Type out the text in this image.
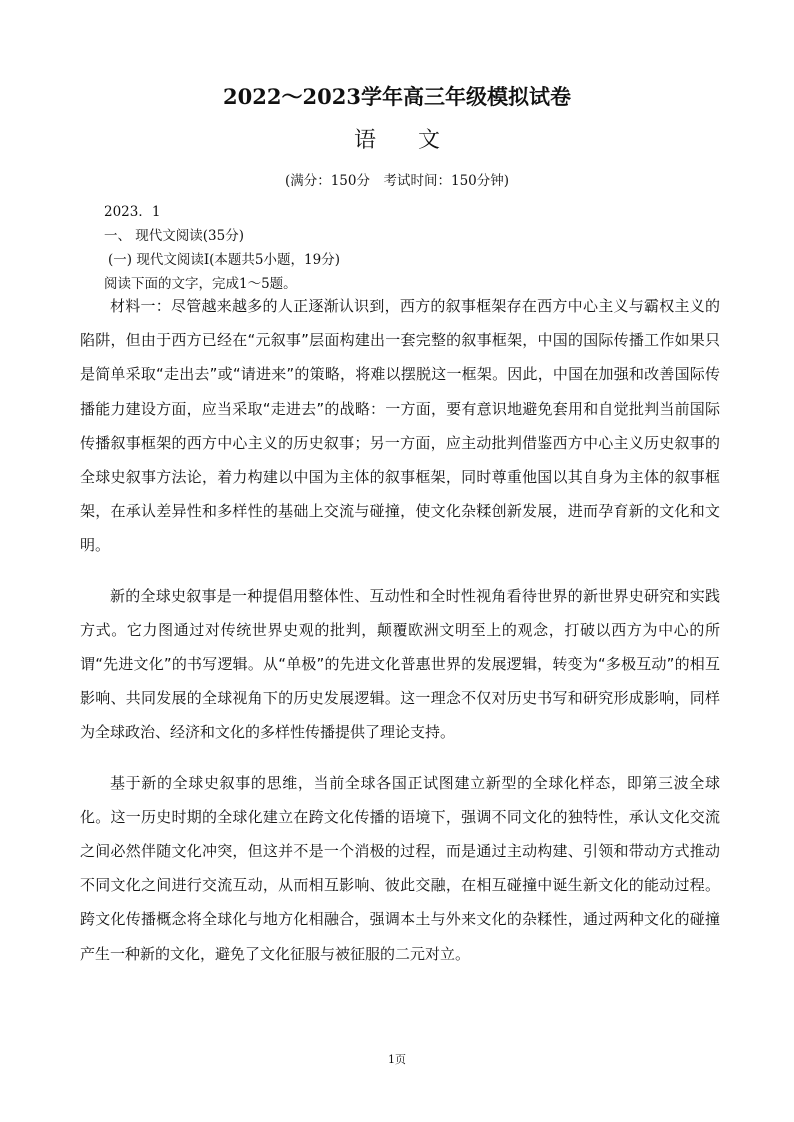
2022～2023学年高三年级模拟试卷
语文
(满分：150分　考试时间：150分钟)
2023．1
一、 现代文阅读(35分)
(一) 现代文阅读Ⅰ(本题共5小题，19分)
阅读下面的文字，完成1～5题。

材料一：尽管越来越多的人正逐渐认识到，西方的叙事框架存在西方中心主义与霸权主义的陷阱，但由于西方已经在“元叙事”层面构建出一套完整的叙事框架，中国的国际传播工作如果只是简单采取“走出去”或“请进来”的策略，将难以摆脱这一框架。因此，中国在加强和改善国际传播能力建设方面，应当采取“走进去”的战略：一方面，要有意识地避免套用和自觉批判当前国际传播叙事框架的西方中心主义的历史叙事；另一方面，应主动批判借鉴西方中心主义历史叙事的全球史叙事方法论，着力构建以中国为主体的叙事框架，同时尊重他国以其自身为主体的叙事框架，在承认差异性和多样性的基础上交流与碰撞，使文化杂糅创新发展，进而孕育新的文化和文明。

新的全球史叙事是一种提倡用整体性、互动性和全时性视角看待世界的新世界史研究和实践方式。它力图通过对传统世界史观的批判，颠覆欧洲文明至上的观念，打破以西方为中心的所谓“先进文化”的书写逻辑。从“单极”的先进文化普惠世界的发展逻辑，转变为“多极互动”的相互影响、共同发展的全球视角下的历史发展逻辑。这一理念不仅对历史书写和研究形成影响，同样为全球政治、经济和文化的多样性传播提供了理论支持。

基于新的全球史叙事的思维，当前全球各国正试图建立新型的全球化样态，即第三波全球化。这一历史时期的全球化建立在跨文化传播的语境下，强调不同文化的独特性，承认文化交流之间必然伴随文化冲突，但这并不是一个消极的过程，而是通过主动构建、引领和带动方式推动不同文化之间进行交流互动，从而相互影响、彼此交融，在相互碰撞中诞生新文化的能动过程。跨文化传播概念将全球化与地方化相融合，强调本土与外来文化的杂糅性，通过两种文化的碰撞产生一种新的文化，避免了文化征服与被征服的二元对立。

1页
